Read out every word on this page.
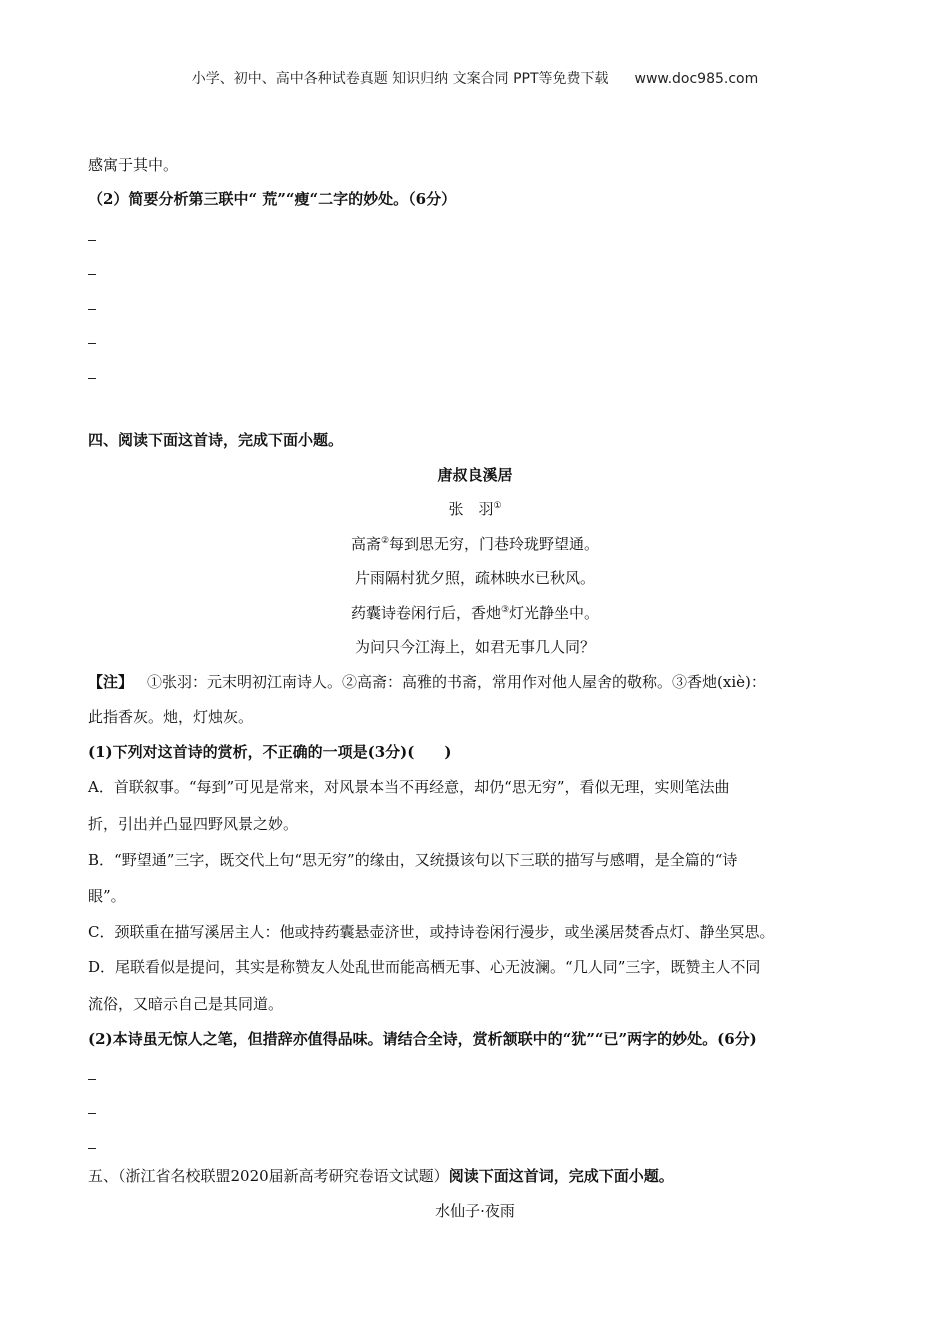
小学、初中、高中各种试卷真题 知识归纳 文案合同 PPT等免费下载 www.doc985.com
感寓于其中。
（2）简要分析第三联中“ 荒”“瘦“二字的妙处。（6分）
四、阅读下面这首诗，完成下面小题。
唐叔良溪居
张　羽①
高斋②每到思无穷，门巷玲珑野望通。
片雨隔村犹夕照，疏林映水已秋风。
药囊诗卷闲行后，香灺③灯光静坐中。
为问只今江海上，如君无事几人同？
【注】 ①张羽：元末明初江南诗人。②高斋：高雅的书斋，常用作对他人屋舍的敬称。③香灺(xiè)：
此指香灰。灺，灯烛灰。
(1)下列对这首诗的赏析，不正确的一项是(3分)(　　)
A．首联叙事。“每到”可见是常来，对风景本当不再经意，却仍“思无穷”，看似无理，实则笔法曲
折，引出并凸显四野风景之妙。
B．“野望通”三字，既交代上句“思无穷”的缘由，又统摄该句以下三联的描写与感喟，是全篇的“诗
眼”。
C．颈联重在描写溪居主人：他或持药囊悬壶济世，或持诗卷闲行漫步，或坐溪居焚香点灯、静坐冥思。
D．尾联看似是提问，其实是称赞友人处乱世而能高栖无事、心无波澜。“几人同”三字，既赞主人不同
流俗，又暗示自己是其同道。
(2)本诗虽无惊人之笔，但措辞亦值得品味。请结合全诗，赏析颔联中的“犹”“已”两字的妙处。(6分)
五、（浙江省名校联盟2020届新高考研究卷语文试题）阅读下面这首词，完成下面小题。
水仙子·夜雨
